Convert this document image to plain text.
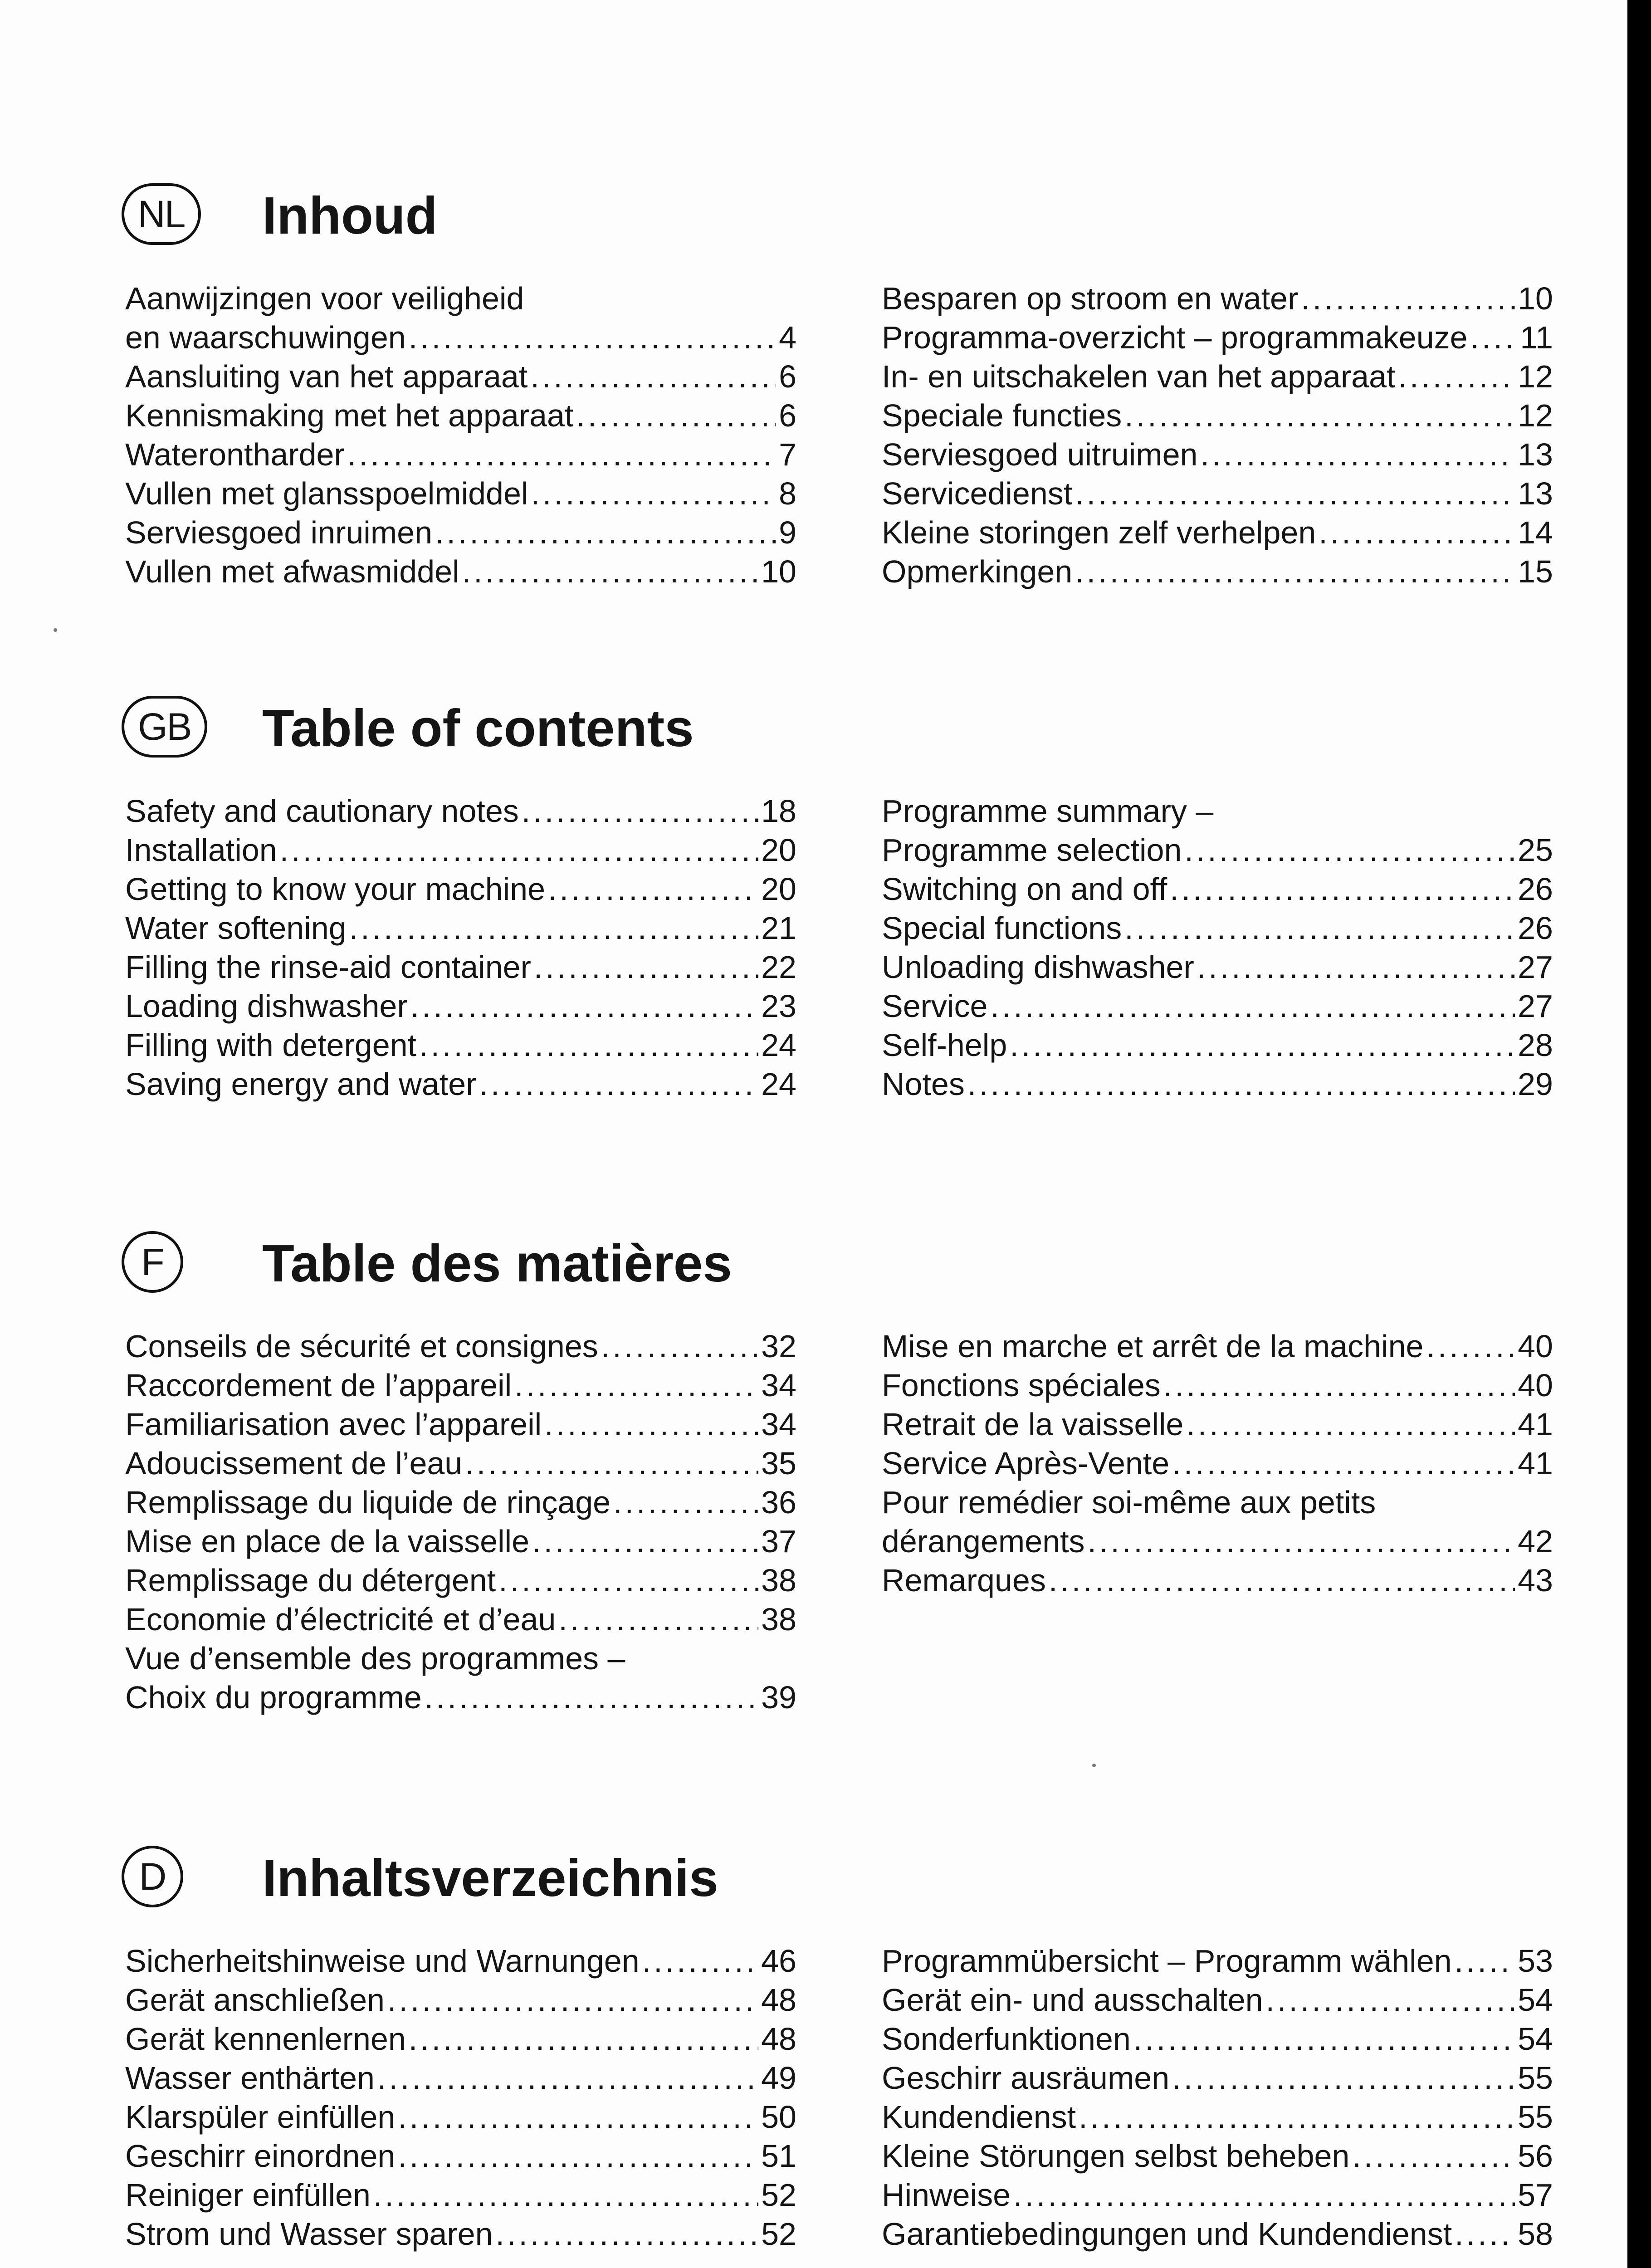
NL	Inhoud
Aanwijzingen voor veiligheid
en waarschuwingen .....	4
Aansluiting van het apparaat .....	6
Kennismaking met het apparaat .....	6
Waterontharder .....	7
Vullen met glansspoelmiddel .....	8
Serviesgoed inruimen .....	9
Vullen met afwasmiddel .....	10
Besparen op stroom en water .....	10
Programma-overzicht – programmakeuze ..... 11
In- en uitschakelen van het apparaat .....	12
Speciale functies .....	12
Serviesgoed uitruimen .....	13
Servicedienst .....	13
Kleine storingen zelf verhelpen .....	14
Opmerkingen .....	15
GB	Table of contents
Safety and cautionary notes .....	18
Installation .....	20
Getting to know your machine .....	20
Water softening .....	21
Filling the rinse-aid container .....	22
Loading dishwasher .....	23
Filling with detergent .....	24
Saving energy and water .....	24
Programme summary –
Programme selection .....	25
Switching on and off .....	26
Special functions .....	26
Unloading dishwasher .....	27
Service .....	27
Self-help .....	28
Notes .....	29
F	Table des matières
Conseils de sécurité et consignes .....	32
Raccordement de l’appareil .....	34
Familiarisation avec l’appareil .....	34
Adoucissement de l’eau .....	35
Remplissage du liquide de rinçage .....	36
Mise en place de la vaisselle .....	37
Remplissage du détergent .....	38
Economie d’électricité et d’eau .....	38
Vue d’ensemble des programmes –
Choix du programme .....	39
Mise en marche et arrêt de la machine .....	40
Fonctions spéciales .....	40
Retrait de la vaisselle .....	41
Service Après-Vente .....	41
Pour remédier soi-même aux petits
dérangements .....	42
Remarques .....	43
D	Inhaltsverzeichnis
Sicherheitshinweise und Warnungen .....	46
Gerät anschließen .....	48
Gerät kennenlernen .....	48
Wasser enthärten .....	49
Klarspüler einfüllen .....	50
Geschirr einordnen .....	51
Reiniger einfüllen .....	52
Strom und Wasser sparen .....	52
Programmübersicht – Programm wählen ..... 53
Gerät ein- und ausschalten .....	54
Sonderfunktionen .....	54
Geschirr ausräumen .....	55
Kundendienst .....	55
Kleine Störungen selbst beheben .....	56
Hinweise .....	57
Garantiebedingungen und Kundendienst ..... 58
